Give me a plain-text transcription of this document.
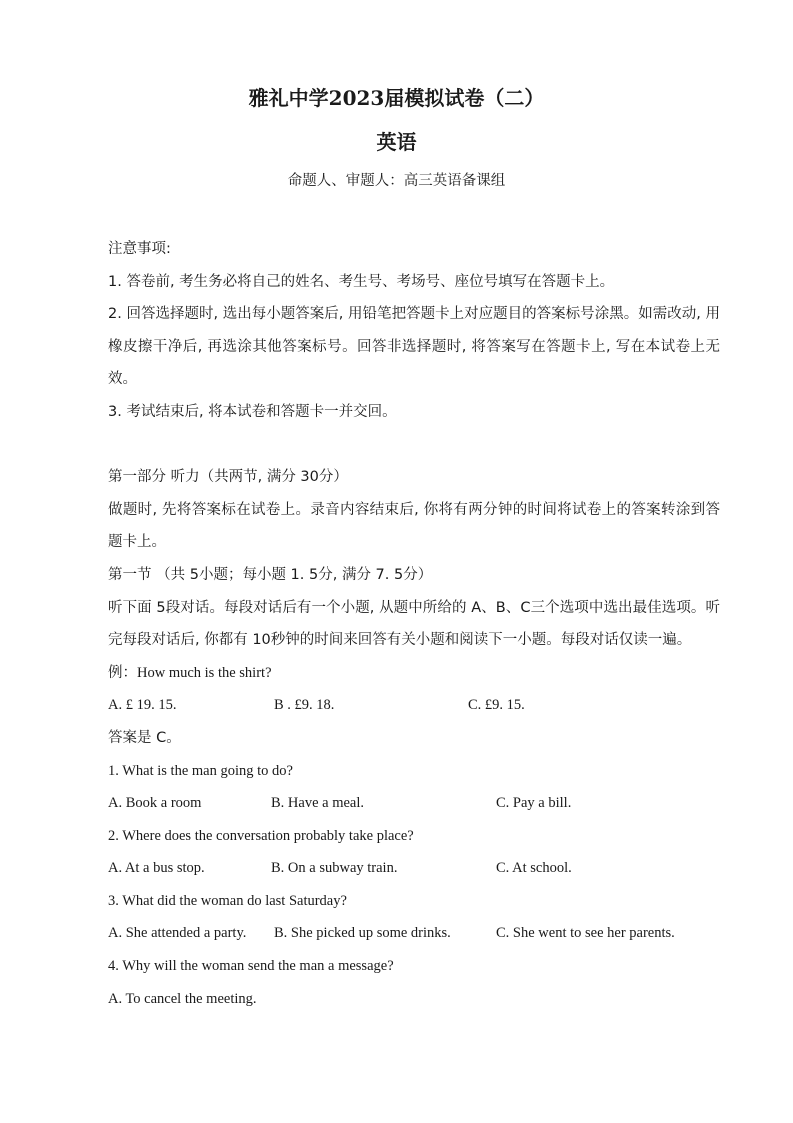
雅礼中学2023届模拟试卷（二）
英语
命题人、审题人：高三英语备课组

注意事项:

1. 答卷前, 考生务必将自己的姓名、考生号、考场号、座位号填写在答题卡上。

2. 回答选择题时, 选出每小题答案后, 用铅笔把答题卡上对应题目的答案标号涂黑。如需改动, 用橡皮擦干净后, 再选涂其他答案标号。回答非选择题时, 将答案写在答题卡上, 写在本试卷上无效。

3. 考试结束后, 将本试卷和答题卡一并交回。

第一部分 听力（共两节, 满分 30分）

做题时, 先将答案标在试卷上。录音内容结束后, 你将有两分钟的时间将试卷上的答案转涂到答题卡上。

第一节 （共 5小题；每小题 1. 5分, 满分 7. 5分）

听下面 5段对话。每段对话后有一个小题, 从题中所给的 A、B、C三个选项中选出最佳选项。听完每段对话后, 你都有 10秒钟的时间来回答有关小题和阅读下一小题。每段对话仅读一遍。

例：How much is the shirt?

A. £ 19. 15.	B . £9. 18.	C. £9. 15.

答案是 C。

1. What is the man going to do?

A. Book a room	B. Have a meal.	C. Pay a bill.

2. Where does the conversation probably take place?

A. At a bus stop.	B. On a subway train.	C. At school.

3. What did the woman do last Saturday?

A. She attended a party. B. She picked up some drinks.	C. She went to see her parents.

4. Why will the woman send the man a message?

A. To cancel the meeting.
